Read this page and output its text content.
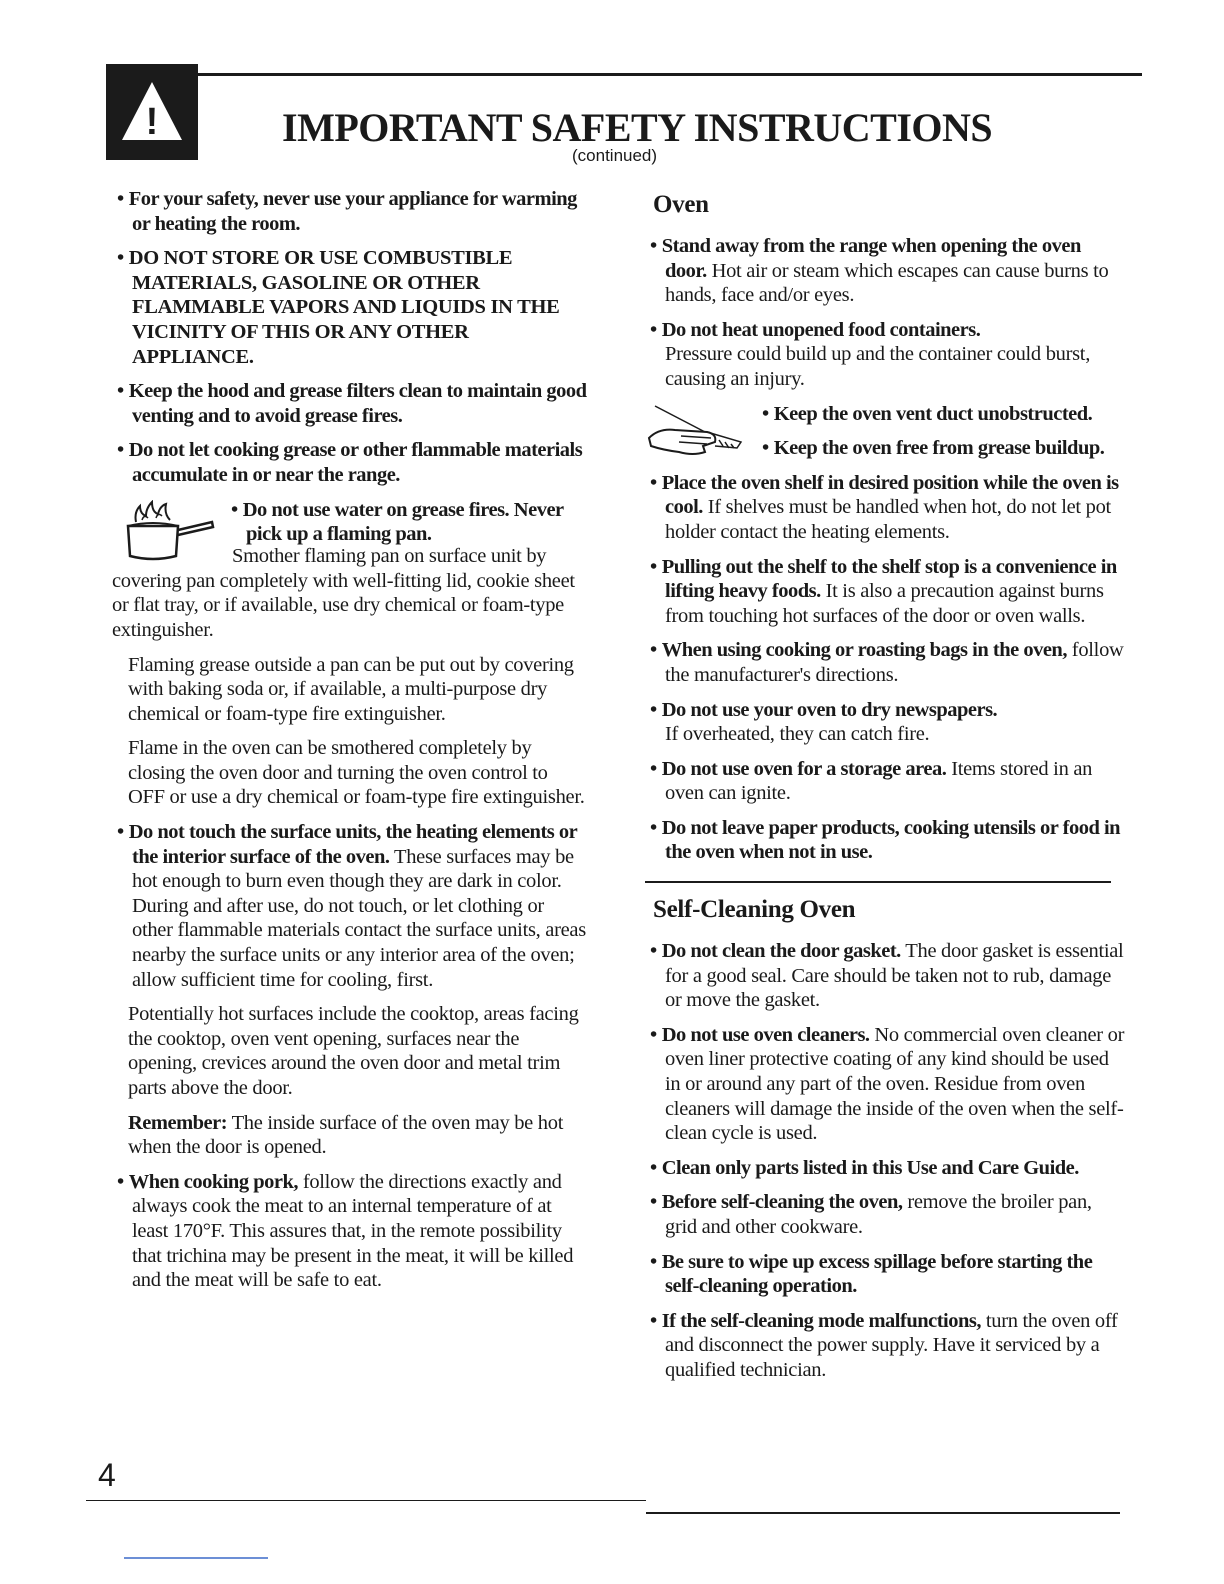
!	IMPORTANT SAFETY INSTRUCTIONS
(continued)

• For your safety, never use your appliance for warming or heating the room.

• DO NOT STORE OR USE COMBUSTIBLE MATERIALS, GASOLINE OR OTHER FLAMMABLE VAPORS AND LIQUIDS IN THE VICINITY OF THIS OR ANY OTHER APPLIANCE.

• Keep the hood and grease filters clean to maintain good venting and to avoid grease fires.

• Do not let cooking grease or other flammable materials accumulate in or near the range.

• Do not use water on grease fires. Never pick up a flaming pan.

Smother flaming pan on surface unit by covering pan completely with well-fitting lid, cookie sheet or flat tray, or if available, use dry chemical or foam-type extinguisher.

Flaming grease outside a pan can be put out by covering with baking soda or, if available, a multi-purpose dry chemical or foam-type fire extinguisher.

Flame in the oven can be smothered completely by closing the oven door and turning the oven control to OFF or use a dry chemical or foam-type fire extinguisher.

• Do not touch the surface units, the heating elements or the interior surface of the oven. These surfaces may be hot enough to burn even though they are dark in color. During and after use, do not touch, or let clothing or other flammable materials contact the surface units, areas nearby the surface units or any interior area of the oven; allow sufficient time for cooling, first.

Potentially hot surfaces include the cooktop, areas facing the cooktop, oven vent opening, surfaces near the opening, crevices around the oven door and metal trim parts above the door.

Remember: The inside surface of the oven may be hot when the door is opened.

• When cooking pork, follow the directions exactly and always cook the meat to an internal temperature of at least 170°F. This assures that, in the remote possibility that trichina may be present in the meat, it will be killed and the meat will be safe to eat.

Oven

• Stand away from the range when opening the oven door. Hot air or steam which escapes can cause burns to hands, face and/or eyes.

• Do not heat unopened food containers.
Pressure could build up and the container could burst, causing an injury.

• Keep the oven vent duct unobstructed.

• Keep the oven free from grease buildup.

• Place the oven shelf in desired position while the oven is cool. If shelves must be handled when hot, do not let pot holder contact the heating elements.

• Pulling out the shelf to the shelf stop is a convenience in lifting heavy foods. It is also a precaution against burns from touching hot surfaces of the door or oven walls.

• When using cooking or roasting bags in the oven, follow the manufacturer's directions.

• Do not use your oven to dry newspapers.
If overheated, they can catch fire.

• Do not use oven for a storage area. Items stored in an oven can ignite.

• Do not leave paper products, cooking utensils or food in the oven when not in use.

Self-Cleaning Oven

• Do not clean the door gasket. The door gasket is essential for a good seal. Care should be taken not to rub, damage or move the gasket.

• Do not use oven cleaners. No commercial oven cleaner or oven liner protective coating of any kind should be used in or around any part of the oven. Residue from oven cleaners will damage the inside of the oven when the self-clean cycle is used.

• Clean only parts listed in this Use and Care Guide.

• Before self-cleaning the oven, remove the broiler pan, grid and other cookware.

• Be sure to wipe up excess spillage before starting the self-cleaning operation.

• If the self-cleaning mode malfunctions, turn the oven off and disconnect the power supply. Have it serviced by a qualified technician.

4
